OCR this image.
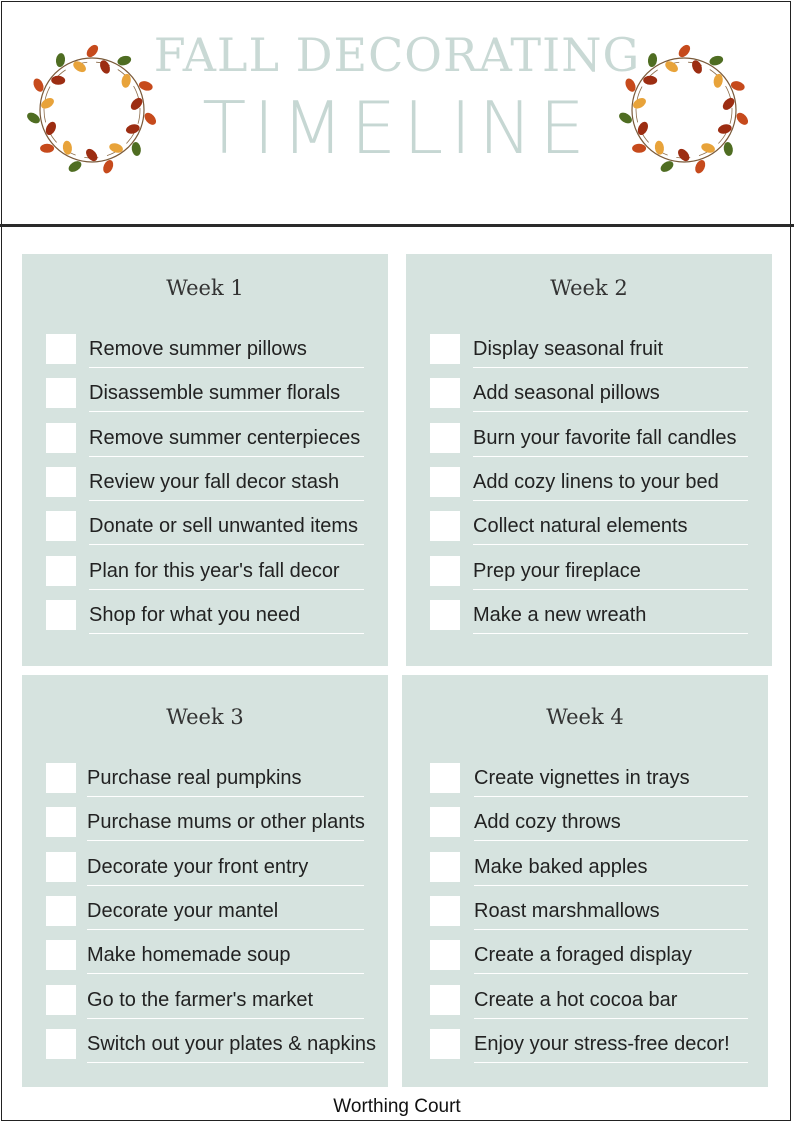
FALL DECORATING
TIMELINE
Week 1
Remove summer pillows
Disassemble summer florals
Remove summer centerpieces
Review your fall decor stash
Donate or sell unwanted items
Plan for this year's fall decor
Shop for what you need
Week 2
Display seasonal fruit
Add seasonal pillows
Burn your favorite fall candles
Add cozy linens to your bed
Collect natural elements
Prep your fireplace
Make a new wreath
Week 3
Purchase real pumpkins
Purchase mums or other plants
Decorate your front entry
Decorate your mantel
Make homemade soup
Go to the farmer's market
Switch out your plates & napkins
Week 4
Create vignettes in trays
Add cozy throws
Make baked apples
Roast marshmallows
Create a foraged display
Create a hot cocoa bar
Enjoy your stress-free decor!
Worthing Court
